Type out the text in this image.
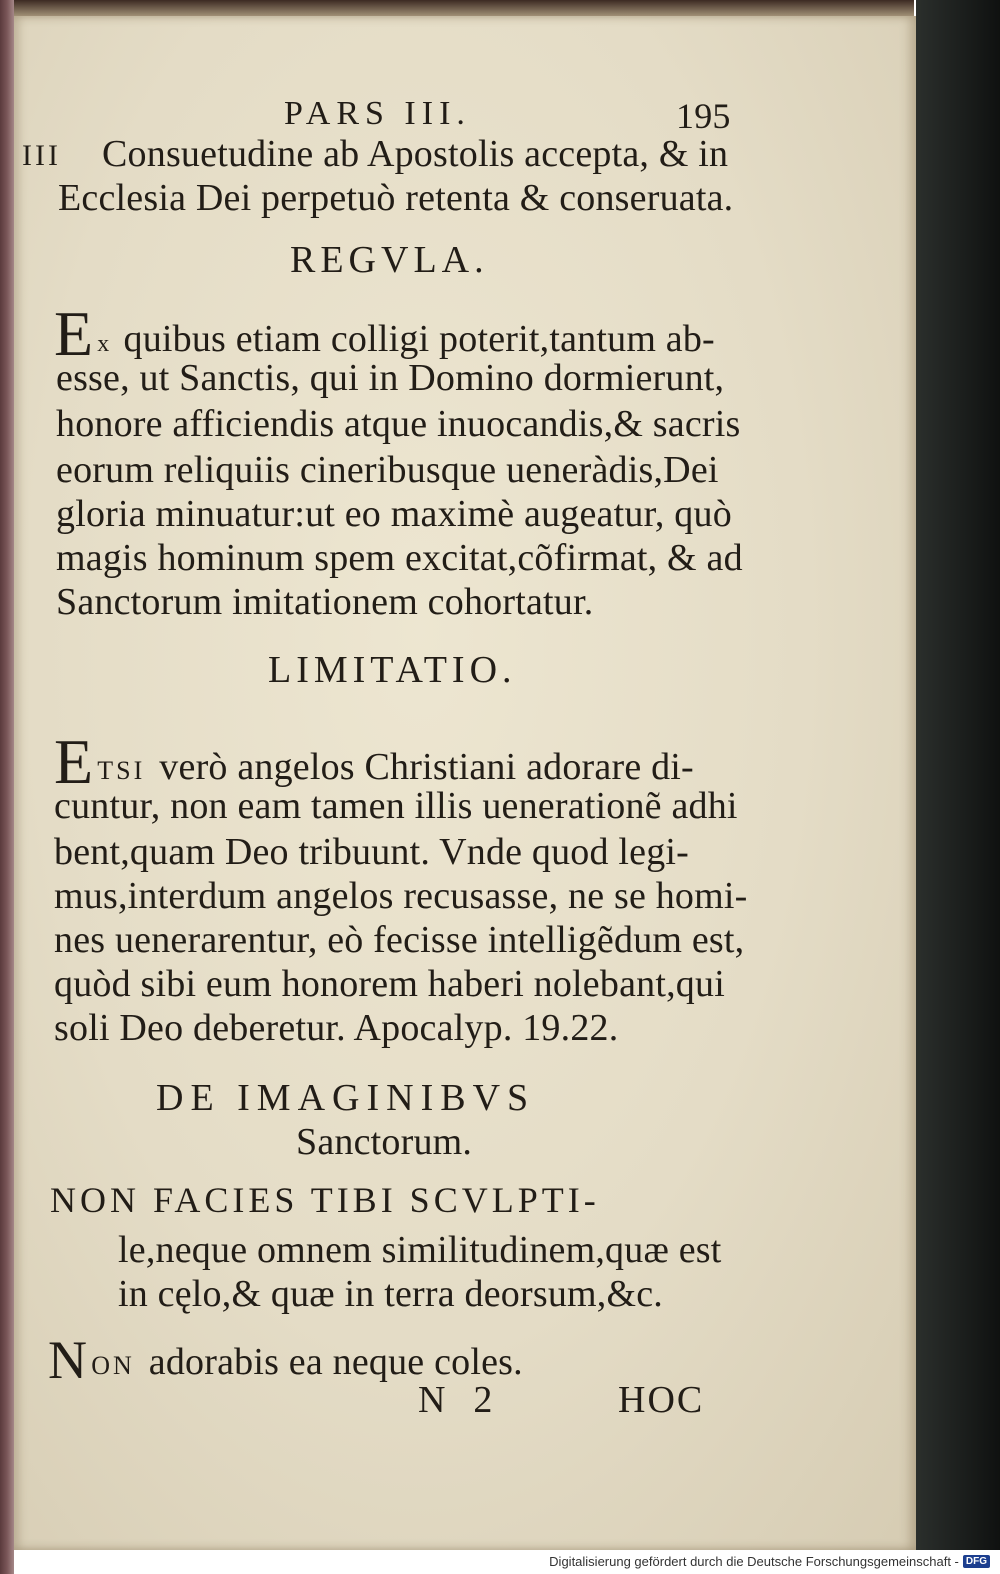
PARS III.	195
III Consuetudine ab Apostolis accepta, & in
Ecclesia Dei perpetuò retenta & conseruata.
REGVLA.
Ex quibus etiam colligi poterit,tantum ab-
esse, ut Sanctis, qui in Domino dormierunt,
honore afficiendis atque inuocandis,& sacris
eorum reliquiis cineribusque ueneràdis,Dei
gloria minuatur:ut eo maximè augeatur, quò
magis hominum spem excitat,cõfirmat, & ad
Sanctorum imitationem cohortatur.
LIMITATIO.
ETSI verò angelos Christiani adorare di-
cuntur, non eam tamen illis uenerationẽ adhi
bent,quam Deo tribuunt. Vnde quod legi-
mus,interdum angelos recusasse, ne se homi-
nes uenerarentur, eò fecisse intelligẽdum est,
quòd sibi eum honorem haberi nolebant,qui
soli Deo deberetur. Apocalyp. 19.22.
DE IMAGINIBVS
Sanctorum.
NON FACIES TIBI SCVLPTI-
le,neque omnem similitudinem,quæ est
in cęlo,& quæ in terra deorsum,&c.
NON adorabis ea neque coles.
N 2	HOC
Digitalisierung gefördert durch die Deutsche Forschungsgemeinschaft - DFG
